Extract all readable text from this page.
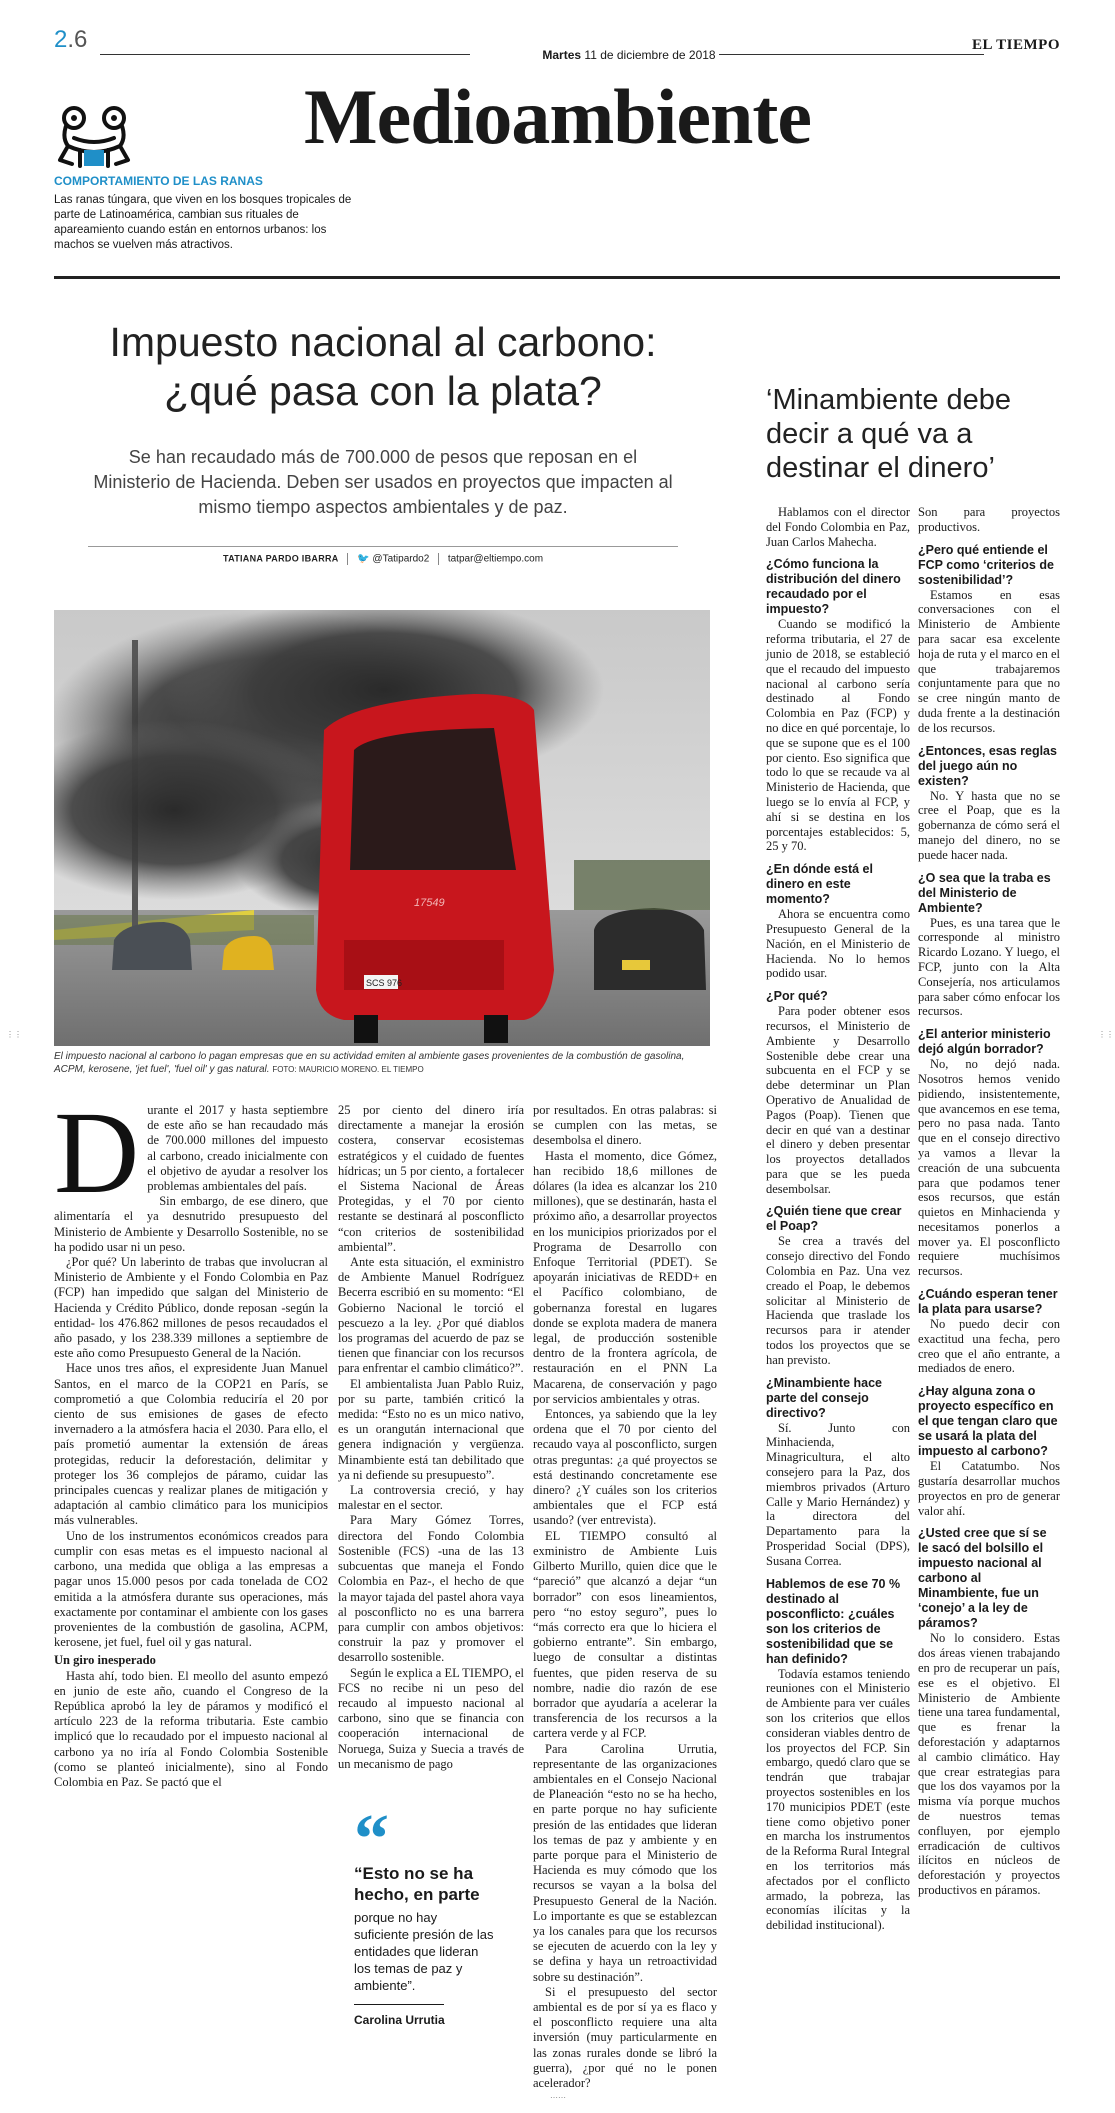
2.6
Martes 11 de diciembre de 2018
EL TIEMPO
Medioambiente
COMPORTAMIENTO DE LAS RANAS
Las ranas túngara, que viven en los bosques tropicales de parte de Latinoamérica, cambian sus rituales de apareamiento cuando están en entornos urbanos: los machos se vuelven más atractivos.
Impuesto nacional al carbono:
¿qué pasa con la plata?
Se han recaudado más de 700.000 de pesos que reposan en el Ministerio de Hacienda. Deben ser usados en proyectos que impacten al mismo tiempo aspectos ambientales y de paz.
TATIANA PARDO IBARRA 🐦 @Tatipardo2 tatpar@eltiempo.com
17549
SCS 976
El impuesto nacional al carbono lo pagan empresas que en su actividad emiten al ambiente gases provenientes de la combustión de gasolina, ACPM, kerosene, 'jet fuel', 'fuel oil' y gas natural. FOTO: MAURICIO MORENO. EL TIEMPO
D urante el 2017 y hasta septiembre de este año se han recaudado más de 700.000 millones del impuesto al carbono, creado inicialmente con el objetivo de ayudar a resolver los problemas ambientales del país.

Sin embargo, de ese dinero, que alimentaría el ya desnutrido presupuesto del Ministerio de Ambiente y Desarrollo Sostenible, no se ha podido usar ni un peso.

¿Por qué? Un laberinto de trabas que involucran al Ministerio de Ambiente y el Fondo Colombia en Paz (FCP) han impedido que salgan del Ministerio de Hacienda y Crédito Público, donde reposan -según la entidad- los 476.862 millones de pesos recaudados el año pasado, y los 238.339 millones a septiembre de este año como Presupuesto General de la Nación.

Hace unos tres años, el expresidente Juan Manuel Santos, en el marco de la COP21 en París, se comprometió a que Colombia reduciría el 20 por ciento de sus emisiones de gases de efecto invernadero a la atmósfera hacia el 2030. Para ello, el país prometió aumentar la extensión de áreas protegidas, reducir la deforestación, delimitar y proteger los 36 complejos de páramo, cuidar las principales cuencas y realizar planes de mitigación y adaptación al cambio climático para los municipios más vulnerables.

Uno de los instrumentos económicos creados para cumplir con esas metas es el impuesto nacional al carbono, una medida que obliga a las empresas a pagar unos 15.000 pesos por cada tonelada de CO2 emitida a la atmósfera durante sus operaciones, más exactamente por contaminar el ambiente con los gases provenientes de la combustión de gasolina, ACPM, kerosene, jet fuel, fuel oil y gas natural.

Un giro inesperado

Hasta ahí, todo bien. El meollo del asunto empezó en junio de este año, cuando el Congreso de la República aprobó la ley de páramos y modificó el artículo 223 de la reforma tributaria. Este cambio implicó que lo recaudado por el impuesto nacional al carbono ya no iría al Fondo Colombia Sostenible (como se planteó inicialmente), sino al Fondo Colombia en Paz. Se pactó que el

25 por ciento del dinero iría directamente a manejar la erosión costera, conservar ecosistemas estratégicos y el cuidado de fuentes hídricas; un 5 por ciento, a fortalecer el Sistema Nacional de Áreas Protegidas, y el 70 por ciento restante se destinará al posconflicto “con criterios de sostenibilidad ambiental”.

Ante esta situación, el exministro de Ambiente Manuel Rodríguez Becerra escribió en su momento: “El Gobierno Nacional le torció el pescuezo a la ley. ¿Por qué diablos los programas del acuerdo de paz se tienen que financiar con los recursos para enfrentar el cambio climático?”.

El ambientalista Juan Pablo Ruiz, por su parte, también criticó la medida: “Esto no es un mico nativo, es un orangután internacional que genera indignación y vergüenza. Minambiente está tan debilitado que ya ni defiende su presupuesto”.

La controversia creció, y hay malestar en el sector.

Para Mary Gómez Torres, directora del Fondo Colombia Sostenible (FCS) -una de las 13 subcuentas que maneja el Fondo Colombia en Paz-, el hecho de que la mayor tajada del pastel ahora vaya al posconflicto no es una barrera para cumplir con ambos objetivos: construir la paz y promover el desarrollo sostenible.

Según le explica a EL TIEMPO, el FCS no recibe ni un peso del recaudo al impuesto nacional al carbono, sino que se financia con cooperación internacional de Noruega, Suiza y Suecia a través de un mecanismo de pago

“
“Esto no se ha hecho, en parte
porque no hay suficiente presión de las entidades que lideran los temas de paz y ambiente”.
Carolina Urrutia

por resultados. En otras palabras: si se cumplen con las metas, se desembolsa el dinero.

Hasta el momento, dice Gómez, han recibido 18,6 millones de dólares (la idea es alcanzar los 210 millones), que se destinarán, hasta el próximo año, a desarrollar proyectos en los municipios priorizados por el Programa de Desarrollo con Enfoque Territorial (PDET). Se apoyarán iniciativas de REDD+ en el Pacífico colombiano, de gobernanza forestal en lugares donde se explota madera de manera legal, de producción sostenible dentro de la frontera agrícola, de restauración en el PNN La Macarena, de conservación y pago por servicios ambientales y otras.

Entonces, ya sabiendo que la ley ordena que el 70 por ciento del recaudo vaya al posconflicto, surgen otras preguntas: ¿a qué proyectos se está destinando concretamente ese dinero? ¿Y cuáles son los criterios ambientales que el FCP está usando? (ver entrevista).

EL TIEMPO consultó al exministro de Ambiente Luis Gilberto Murillo, quien dice que le “pareció” que alcanzó a dejar “un borrador” con esos lineamientos, pero “no estoy seguro”, pues lo “más correcto era que lo hiciera el gobierno entrante”. Sin embargo, luego de consultar a distintas fuentes, que piden reserva de su nombre, nadie dio razón de ese borrador que ayudaría a acelerar la transferencia de los recursos a la cartera verde y al FCP.

Para Carolina Urrutia, representante de las organizaciones ambientales en el Consejo Nacional de Planeación “esto no se ha hecho, en parte porque no hay suficiente presión de las entidades que lideran los temas de paz y ambiente y en parte porque para el Ministerio de Hacienda es muy cómodo que los recursos se vayan a la bolsa del Presupuesto General de la Nación. Lo importante es que se establezcan ya los canales para que los recursos se ejecuten de acuerdo con la ley y se defina y haya un retroactividad sobre su destinación”.

Si el presupuesto del sector ambiental es de por sí ya es flaco y el posconflicto requiere una alta inversión (muy particularmente en las zonas rurales donde se libró la guerra), ¿por qué no le ponen acelerador?

‘Minambiente debe decir a qué va a destinar el dinero’

Hablamos con el director del Fondo Colombia en Paz, Juan Carlos Mahecha.

¿Cómo funciona la distribución del dinero recaudado por el impuesto?

Cuando se modificó la reforma tributaria, el 27 de junio de 2018, se estableció que el recaudo del impuesto nacional al carbono sería destinado al Fondo Colombia en Paz (FCP) y no dice en qué porcentaje, lo que se supone que es el 100 por ciento. Eso significa que todo lo que se recaude va al Ministerio de Hacienda, que luego se lo envía al FCP, y ahí si se destina en los porcentajes establecidos: 5, 25 y 70.

¿En dónde está el dinero en este momento?

Ahora se encuentra como Presupuesto General de la Nación, en el Ministerio de Hacienda. No lo hemos podido usar.

¿Por qué?

Para poder obtener esos recursos, el Ministerio de Ambiente y Desarrollo Sostenible debe crear una subcuenta en el FCP y se debe determinar un Plan Operativo de Anualidad de Pagos (Poap). Tienen que decir en qué van a destinar el dinero y deben presentar los proyectos detallados para que se les pueda desembolsar.

¿Quién tiene que crear el Poap?

Se crea a través del consejo directivo del Fondo Colombia en Paz. Una vez creado el Poap, le debemos solicitar al Ministerio de Hacienda que traslade los recursos para ir atender todos los proyectos que se han previsto.

¿Minambiente hace parte del consejo directivo?

Sí. Junto con Minhacienda, Minagricultura, el alto consejero para la Paz, dos miembros privados (Arturo Calle y Mario Hernández) y la directora del Departamento para la Prosperidad Social (DPS), Susana Correa.

Hablemos de ese 70 % destinado al posconflicto: ¿cuáles son los criterios de sostenibilidad que se han definido?

Todavía estamos teniendo reuniones con el Ministerio de Ambiente para ver cuáles son los criterios que ellos consideran viables dentro de los proyectos del FCP. Sin embargo, quedó claro que se tendrán que trabajar proyectos sostenibles en los 170 municipios PDET (este tiene como objetivo poner en marcha los instrumentos de la Reforma Rural Integral en los territorios más afectados por el conflicto armado, la pobreza, las economías ilícitas y la debilidad institucional).

Son para proyectos productivos.

¿Pero qué entiende el FCP como ‘criterios de sostenibilidad’?

Estamos en esas conversaciones con el Ministerio de Ambiente para sacar esa excelente hoja de ruta y el marco en el que trabajaremos conjuntamente para que no se cree ningún manto de duda frente a la destinación de los recursos.

¿Entonces, esas reglas del juego aún no existen?

No. Y hasta que no se cree el Poap, que es la gobernanza de cómo será el manejo del dinero, no se puede hacer nada.

¿O sea que la traba es del Ministerio de Ambiente?

Pues, es una tarea que le corresponde al ministro Ricardo Lozano. Y luego, el FCP, junto con la Alta Consejería, nos articulamos para saber cómo enfocar los recursos.

¿El anterior ministerio dejó algún borrador?

No, no dejó nada. Nosotros hemos venido pidiendo, insistentemente, que avancemos en ese tema, pero no pasa nada. Tanto que en el consejo directivo ya vamos a llevar la creación de una subcuenta para que podamos tener esos recursos, que están quietos en Minhacienda y necesitamos ponerlos a mover ya. El posconflicto requiere muchísimos recursos.

¿Cuándo esperan tener la plata para usarse?

No puedo decir con exactitud una fecha, pero creo que el año entrante, a mediados de enero.

¿Hay alguna zona o proyecto específico en el que tengan claro que se usará la plata del impuesto al carbono?

El Catatumbo. Nos gustaría desarrollar muchos proyectos en pro de generar valor ahí.

¿Usted cree que sí se le sacó del bolsillo el impuesto nacional al carbono al Minambiente, fue un ‘conejo’ a la ley de páramos?

No lo considero. Estas dos áreas vienen trabajando en pro de recuperar un país, ese es el objetivo. El Ministerio de Ambiente tiene una tarea fundamental, que es frenar la deforestación y adaptarnos al cambio climático. Hay que crear estrategias para que los dos vayamos por la misma vía porque muchos de nuestros temas confluyen, por ejemplo erradicación de cultivos ilícitos en núcleos de deforestación y proyectos productivos en páramos.

⋮⋮	⋮⋮
⋯⋯
